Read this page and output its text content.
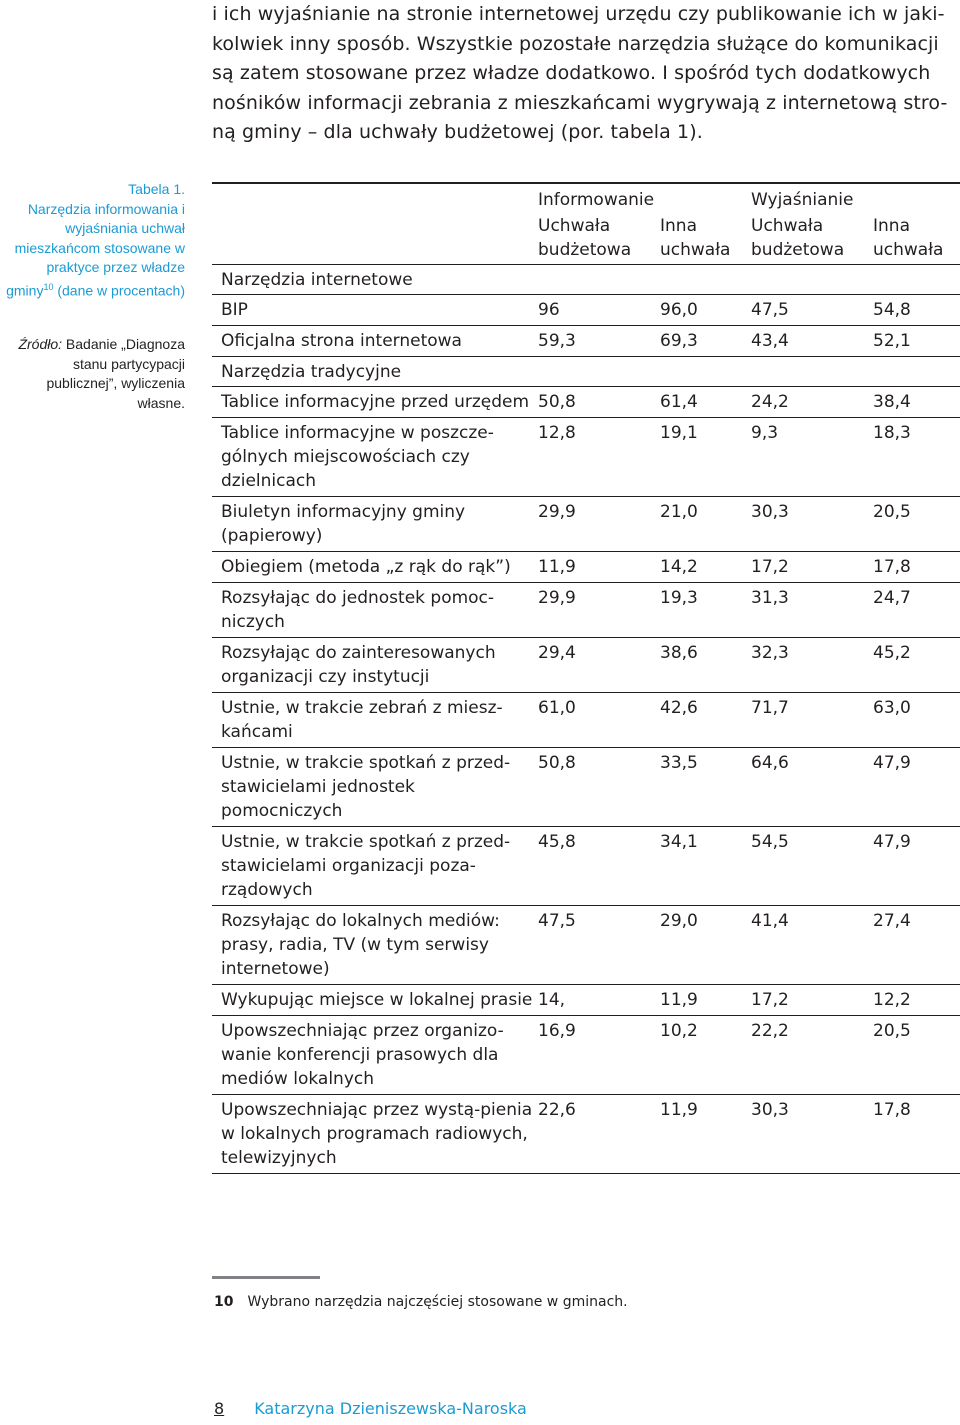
i ich wyjaśnianie na stronie internetowej urzędu czy publikowanie ich w jaki-
kolwiek inny sposób. Wszystkie pozostałe narzędzia służące do komunikacji
są zatem stosowane przez władze dodatkowo. I spośród tych dodatkowych
nośników informacji zebrania z mieszkańcami wygrywają z internetową stro-
ną gminy – dla uchwały budżetowej (por. tabela 1).
Tabela 1.
Narzędzia informowania i wyjaśniania uchwał mieszkańcom stosowane w praktyce przez władze gminy$^{10}$ (dane w procentach)
Źródło: Badanie „Diagnoza stanu partycypacji publicznej”, wyliczenia własne.
	Informowanie		Wyjaśnianie	
	Uchwała budżetowa	Inna uchwała	Uchwała budżetowa	Inna uchwała
Narzędzia internetowe				
BIP	96	96,0	47,5	54,8
Oficjalna strona internetowa	59,3	69,3	43,4	52,1
Narzędzia tradycyjne				
Tablice informacyjne przed urzędem	50,8	61,4	24,2	38,4
Tablice informacyjne w poszcze-gólnych miejscowościach czy dzielnicach	12,8	19,1	9,3	18,3
Biuletyn informacyjny gminy (papierowy)	29,9	21,0	30,3	20,5
Obiegiem (metoda „z rąk do rąk”)	11,9	14,2	17,2	17,8
Rozsyłając do jednostek pomoc-niczych	29,9	19,3	31,3	24,7
Rozsyłając do zainteresowanych organizacji czy instytucji	29,4	38,6	32,3	45,2
Ustnie, w trakcie zebrań z miesz-kańcami	61,0	42,6	71,7	63,0
Ustnie, w trakcie spotkań z przed-stawicielami jednostek pomocniczych	50,8	33,5	64,6	47,9
Ustnie, w trakcie spotkań z przed-stawicielami organizacji poza-rządowych	45,8	34,1	54,5	47,9
Rozsyłając do lokalnych mediów: prasy, radia, TV (w tym serwisy internetowe)	47,5	29,0	41,4	27,4
Wykupując miejsce w lokalnej prasie	14,	11,9	17,2	12,2
Upowszechniając przez organizo-wanie konferencji prasowych dla mediów lokalnych	16,9	10,2	22,2	20,5
Upowszechniając przez wystą-pienia w lokalnych programach radiowych, telewizyjnych	22,6	11,9	30,3	17,8
10 Wybrano narzędzia najczęściej stosowane w gminach.
8 Katarzyna Dzieniszewska-Naroska
